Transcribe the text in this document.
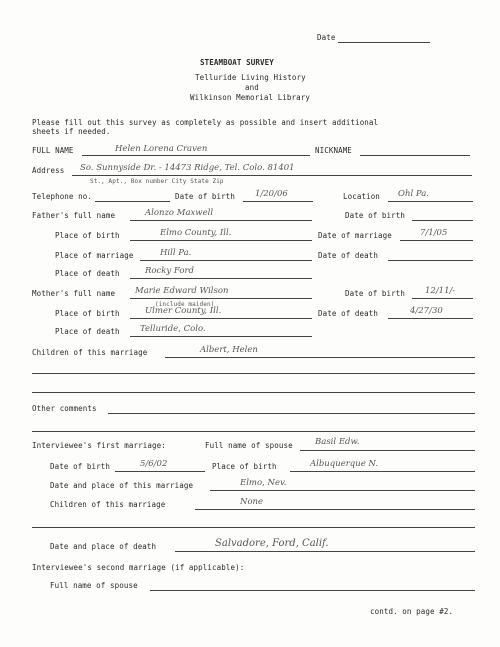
Date
STEAMBOAT SURVEY
Telluride Living History
and
Wilkinson Memorial Library
Please fill out this survey as completely as possible and insert additional
sheets if needed.
FULL NAME	Helen Lorena Craven	NICKNAME
Address So. Sunnyside Dr. - 14473 Ridge, Tel. Colo. 81401
St., Apt., Box number City State Zip
Telephone no.	Date of birth 1/20/06	Location Ohl Pa.
Father's full name	Alonzo Maxwell	Date of birth
Place of birth	Elmo County, Ill.	Date of marriage	7/1/05
Place of marriage	Hill Pa.	Date of death
Place of death	Rocky Ford
Mother's full name Marie Edward Wilson
(include maiden)
Date of birth 12/11/-
Place of birth	Ulmer County, Ill.	Date of death	4/27/30
Place of death Telluride, Colo.
Children of this marriage	Albert, Helen
Other comments
Interviewee's first marriage:	Full name of spouse	Basil Edw.
Date of birth	5/6/02	Place of birth	Albuquerque N.
Date and place of this marriage	Elmo, Nev.
Children of this marriage	None
Date and place of death	Salvadore, Ford, Calif.
Interviewee's second marriage (if applicable):
Full name of spouse
contd. on page #2.
